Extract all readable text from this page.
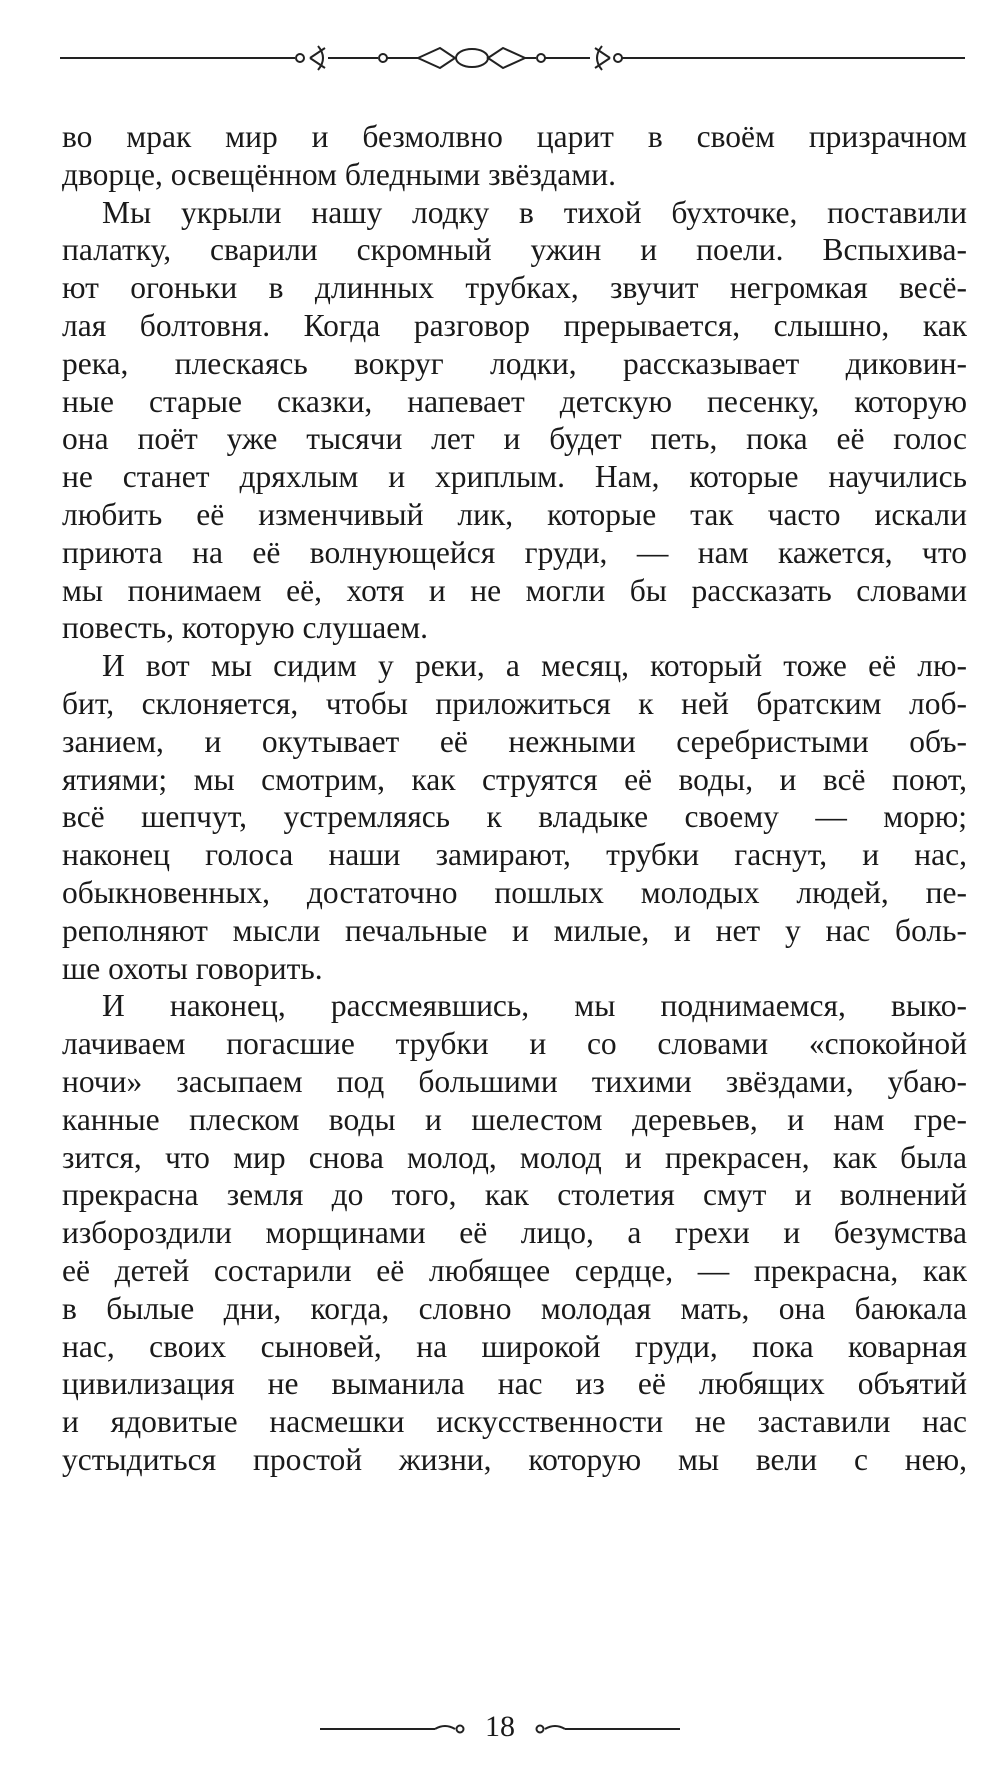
во мрак мир и безмолвно царит в своём призрачном
дворце, освещённом бледными звёздами.
Мы укрыли нашу лодку в тихой бухточке, поставили
палатку, сварили скромный ужин и поели. Вспыхива-
ют огоньки в длинных трубках, звучит негромкая весё-
лая болтовня. Когда разговор прерывается, слышно, как
река, плескаясь вокруг лодки, рассказывает диковин-
ные старые сказки, напевает детскую песенку, которую
она поёт уже тысячи лет и будет петь, пока её голос
не станет дряхлым и хриплым. Нам, которые научились
любить её изменчивый лик, которые так часто искали
приюта на её волнующейся груди, — нам кажется, что
мы понимаем её, хотя и не могли бы рассказать словами
повесть, которую слушаем.
И вот мы сидим у реки, а месяц, который тоже её лю-
бит, склоняется, чтобы приложиться к ней братским лоб-
занием, и окутывает её нежными серебристыми объ-
ятиями; мы смотрим, как струятся её воды, и всё поют,
всё шепчут, устремляясь к владыке своему — морю;
наконец голоса наши замирают, трубки гаснут, и нас,
обыкновенных, достаточно пошлых молодых людей, пе-
реполняют мысли печальные и милые, и нет у нас боль-
ше охоты говорить.
И наконец, рассмеявшись, мы поднимаемся, выко-
лачиваем погасшие трубки и со словами «спокойной
ночи» засыпаем под большими тихими звёздами, убаю-
канные плеском воды и шелестом деревьев, и нам гре-
зится, что мир снова молод, молод и прекрасен, как была
прекрасна земля до того, как столетия смут и волнений
избороздили морщинами её лицо, а грехи и безумства
её детей состарили её любящее сердце, — прекрасна, как
в былые дни, когда, словно молодая мать, она баюкала
нас, своих сыновей, на широкой груди, пока коварная
цивилизация не выманила нас из её любящих объятий
и ядовитые насмешки искусственности не заставили нас
устыдиться простой жизни, которую мы вели с нею,
18
